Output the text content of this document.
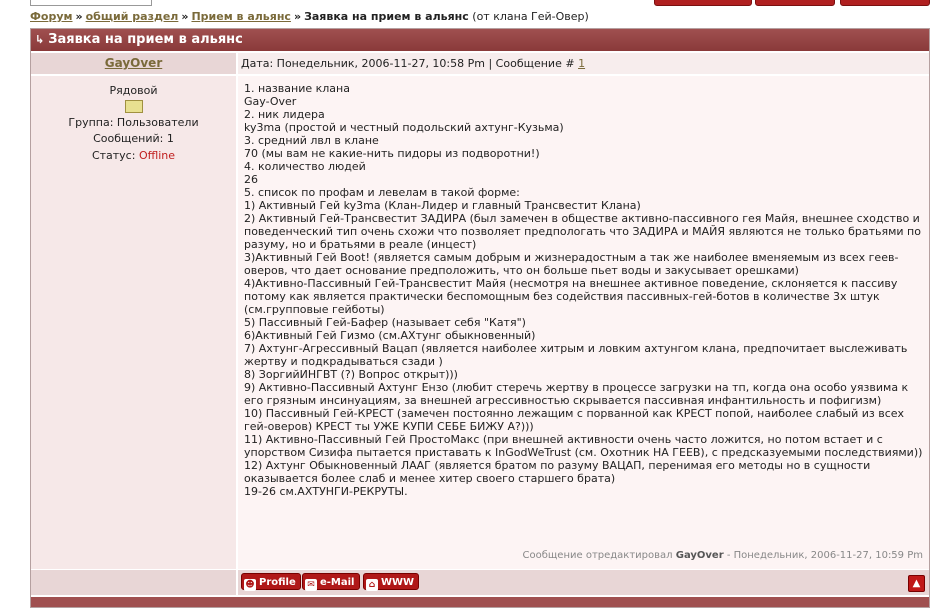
Форум » общий раздел » Прием в альянс » Заявка на прием в альянс (от клана Гей-Овер)
↳ Заявка на прием в альянс
GayOver	Дата: Понедельник, 2006-11-27, 10:58 Pm | Сообщение # 1
Рядовой
Группа: Пользователи
Сообщений: 1
Статус: Offline
1. название клана
Gay-Over
2. ник лидера
ky3ma (простой и честный подольский ахтунг-Кузьма)
3. средний лвл в клане
70 (мы вам не какие-нить пидоры из подворотни!)
4. количество людей
26
5. список по профам и левелам в такой форме:
1) Активный Гей ky3ma (Клан-Лидер и главный Трансвестит Клана)
2) Активный Гей-Трансвестит ЗАДИРА (был замечен в обществе активно-пассивного гея Майя, внешнее сходство и поведенческий тип очень схожи что позволяет предпологать что ЗАДИРА и МАЙЯ являются не только братьями по разуму, но и братьями в реале (инцест)
3)Активный Гей Boot! (является самым добрым и жизнерадостным а так же наиболее вменяемым из всех геев-оверов, что дает основание предположить, что он больше пьет воды и закусывает орешками)
4)Активно-Пассивный Гей-Трансвестит Майя (несмотря на внешнее активное поведение, склоняется к пассиву потому как является практически беспомощным без содействия пассивных-гей-ботов в количестве 3х штук (см.групповые гейботы)
5) Пассивный Гей-Бафер (называет себя "Катя")
6)Активный Гей Гизмо (см.АХтунг обыкновенный)
7) Ахтунг-Агрессивный Вацап (является наиболее хитрым и ловким ахтунгом клана, предпочитает выслеживать жертву и подкрадываться сзади )
8) ЗоргийИНГВТ (?) Вопрос открыт)))
9) Активно-Пассивный Ахтунг Ензо (любит стеречь жертву в процессе загрузки на тп, когда она особо уязвима к его грязным инсинуациям, за внешней агрессивностью скрывается пассивная инфантильность и пофигизм)
10) Пассивный Гей-КРЕСТ (замечен постоянно лежащим с порванной как КРЕСТ попой, наиболее слабый из всех гей-оверов) КРЕСТ ты УЖЕ КУПИ СЕБЕ БИЖУ А?)))
11) Активно-Пассивный Гей ПростоМакс (при внешней активности очень часто ложится, но потом встает и с упорством Сизифа пытается приставать к InGodWeTrust (см. Охотник НА ГЕЕВ), с предсказуемыми последствиями))
12) Ахтунг Обыкновенный ЛААГ (является братом по разуму ВАЦАП, перенимая его методы но в сущности оказывается более слаб и менее хитер своего старшего брата)
19-26 см.АХТУНГИ-РЕКРУТЫ.
Сообщение отредактировал GayOver - Понедельник, 2006-11-27, 10:59 Pm
☻ Profile	✉ e-Mail	⌂ WWW	▲
